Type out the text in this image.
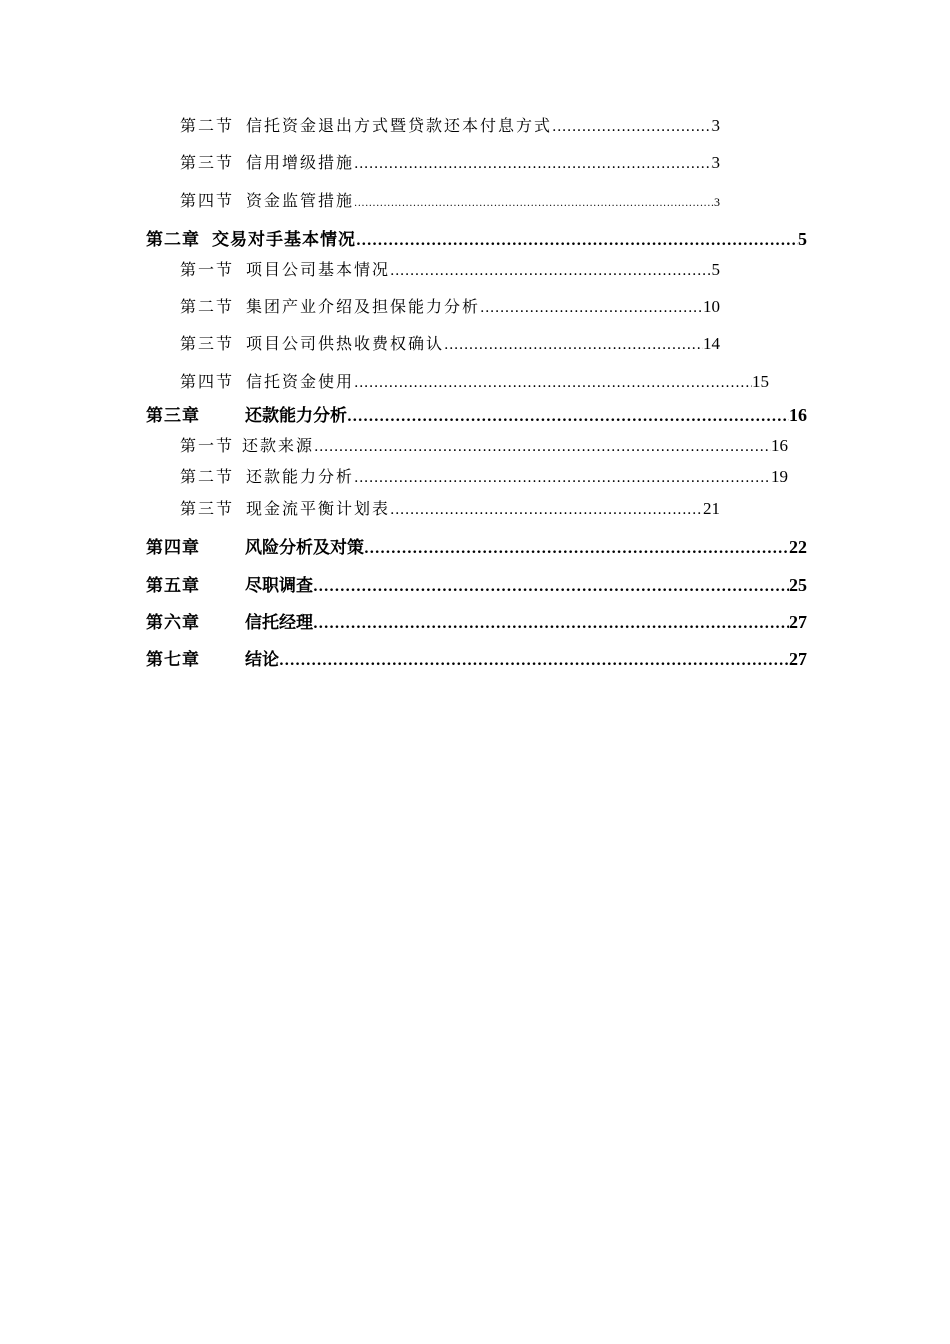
第二节 信托资金退出方式暨贷款还本付息方式 .....	3
第三节 信用增级措施 .....	3
第四节 资金监管措施 .....	3
第二章 交易对手基本情况 .....	5
第一节 项目公司基本情况 .....	5
第二节 集团产业介绍及担保能力分析 .....	10
第三节 项目公司供热收费权确认 .....	14
第四节 信托资金使用 .....	15
第三章	还款能力分析 .....	16
第一节 还款来源 .....	16
第二节 还款能力分析 .....	19
第三节 现金流平衡计划表 .....	21
第四章	风险分析及对策 .....	22
第五章	尽职调查 .....	25
第六章	信托经理 .....	27
第七章	结论 .....	27
